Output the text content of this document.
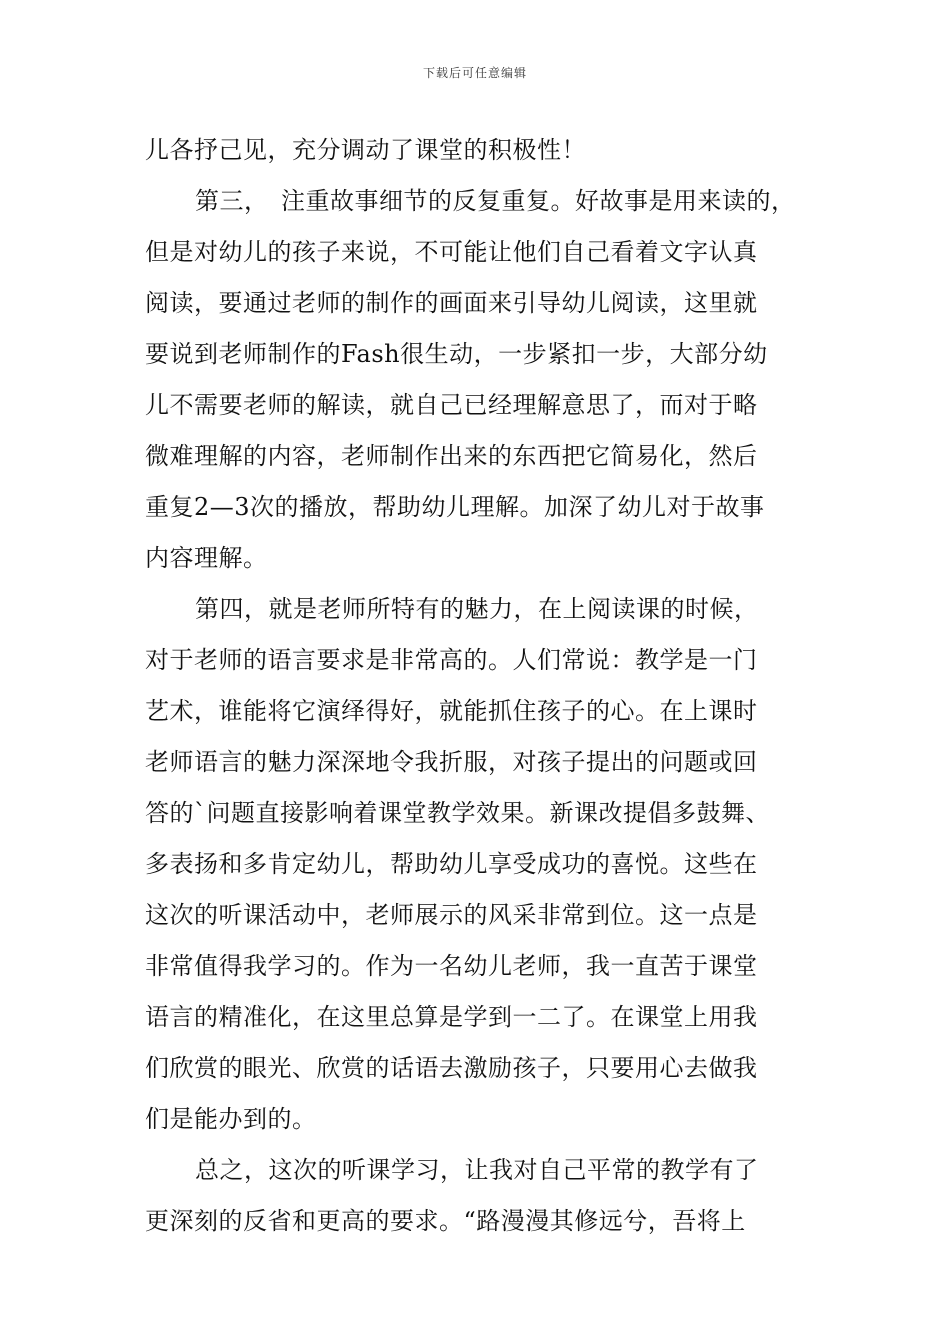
下载后可任意编辑
儿各抒己见，充分调动了课堂的积极性！
第三，　注重故事细节的反复重复。好故事是用来读的，
但是对幼儿的孩子来说，不可能让他们自己看着文字认真
阅读，要通过老师的制作的画面来引导幼儿阅读，这里就
要说到老师制作的Fash很生动，一步紧扣一步，大部分幼
儿不需要老师的解读，就自己已经理解意思了，而对于略
微难理解的内容，老师制作出来的东西把它简易化，然后
重复2—3次的播放，帮助幼儿理解。加深了幼儿对于故事
内容理解。
第四，就是老师所特有的魅力，在上阅读课的时候，
对于老师的语言要求是非常高的。人们常说：教学是一门
艺术，谁能将它演绎得好，就能抓住孩子的心。在上课时
老师语言的魅力深深地令我折服，对孩子提出的问题或回
答的`问题直接影响着课堂教学效果。新课改提倡多鼓舞、
多表扬和多肯定幼儿，帮助幼儿享受成功的喜悦。这些在
这次的听课活动中，老师展示的风采非常到位。这一点是
非常值得我学习的。作为一名幼儿老师，我一直苦于课堂
语言的精准化，在这里总算是学到一二了。在课堂上用我
们欣赏的眼光、欣赏的话语去激励孩子，只要用心去做我
们是能办到的。
总之，这次的听课学习，让我对自己平常的教学有了
更深刻的反省和更高的要求。“路漫漫其修远兮，吾将上
